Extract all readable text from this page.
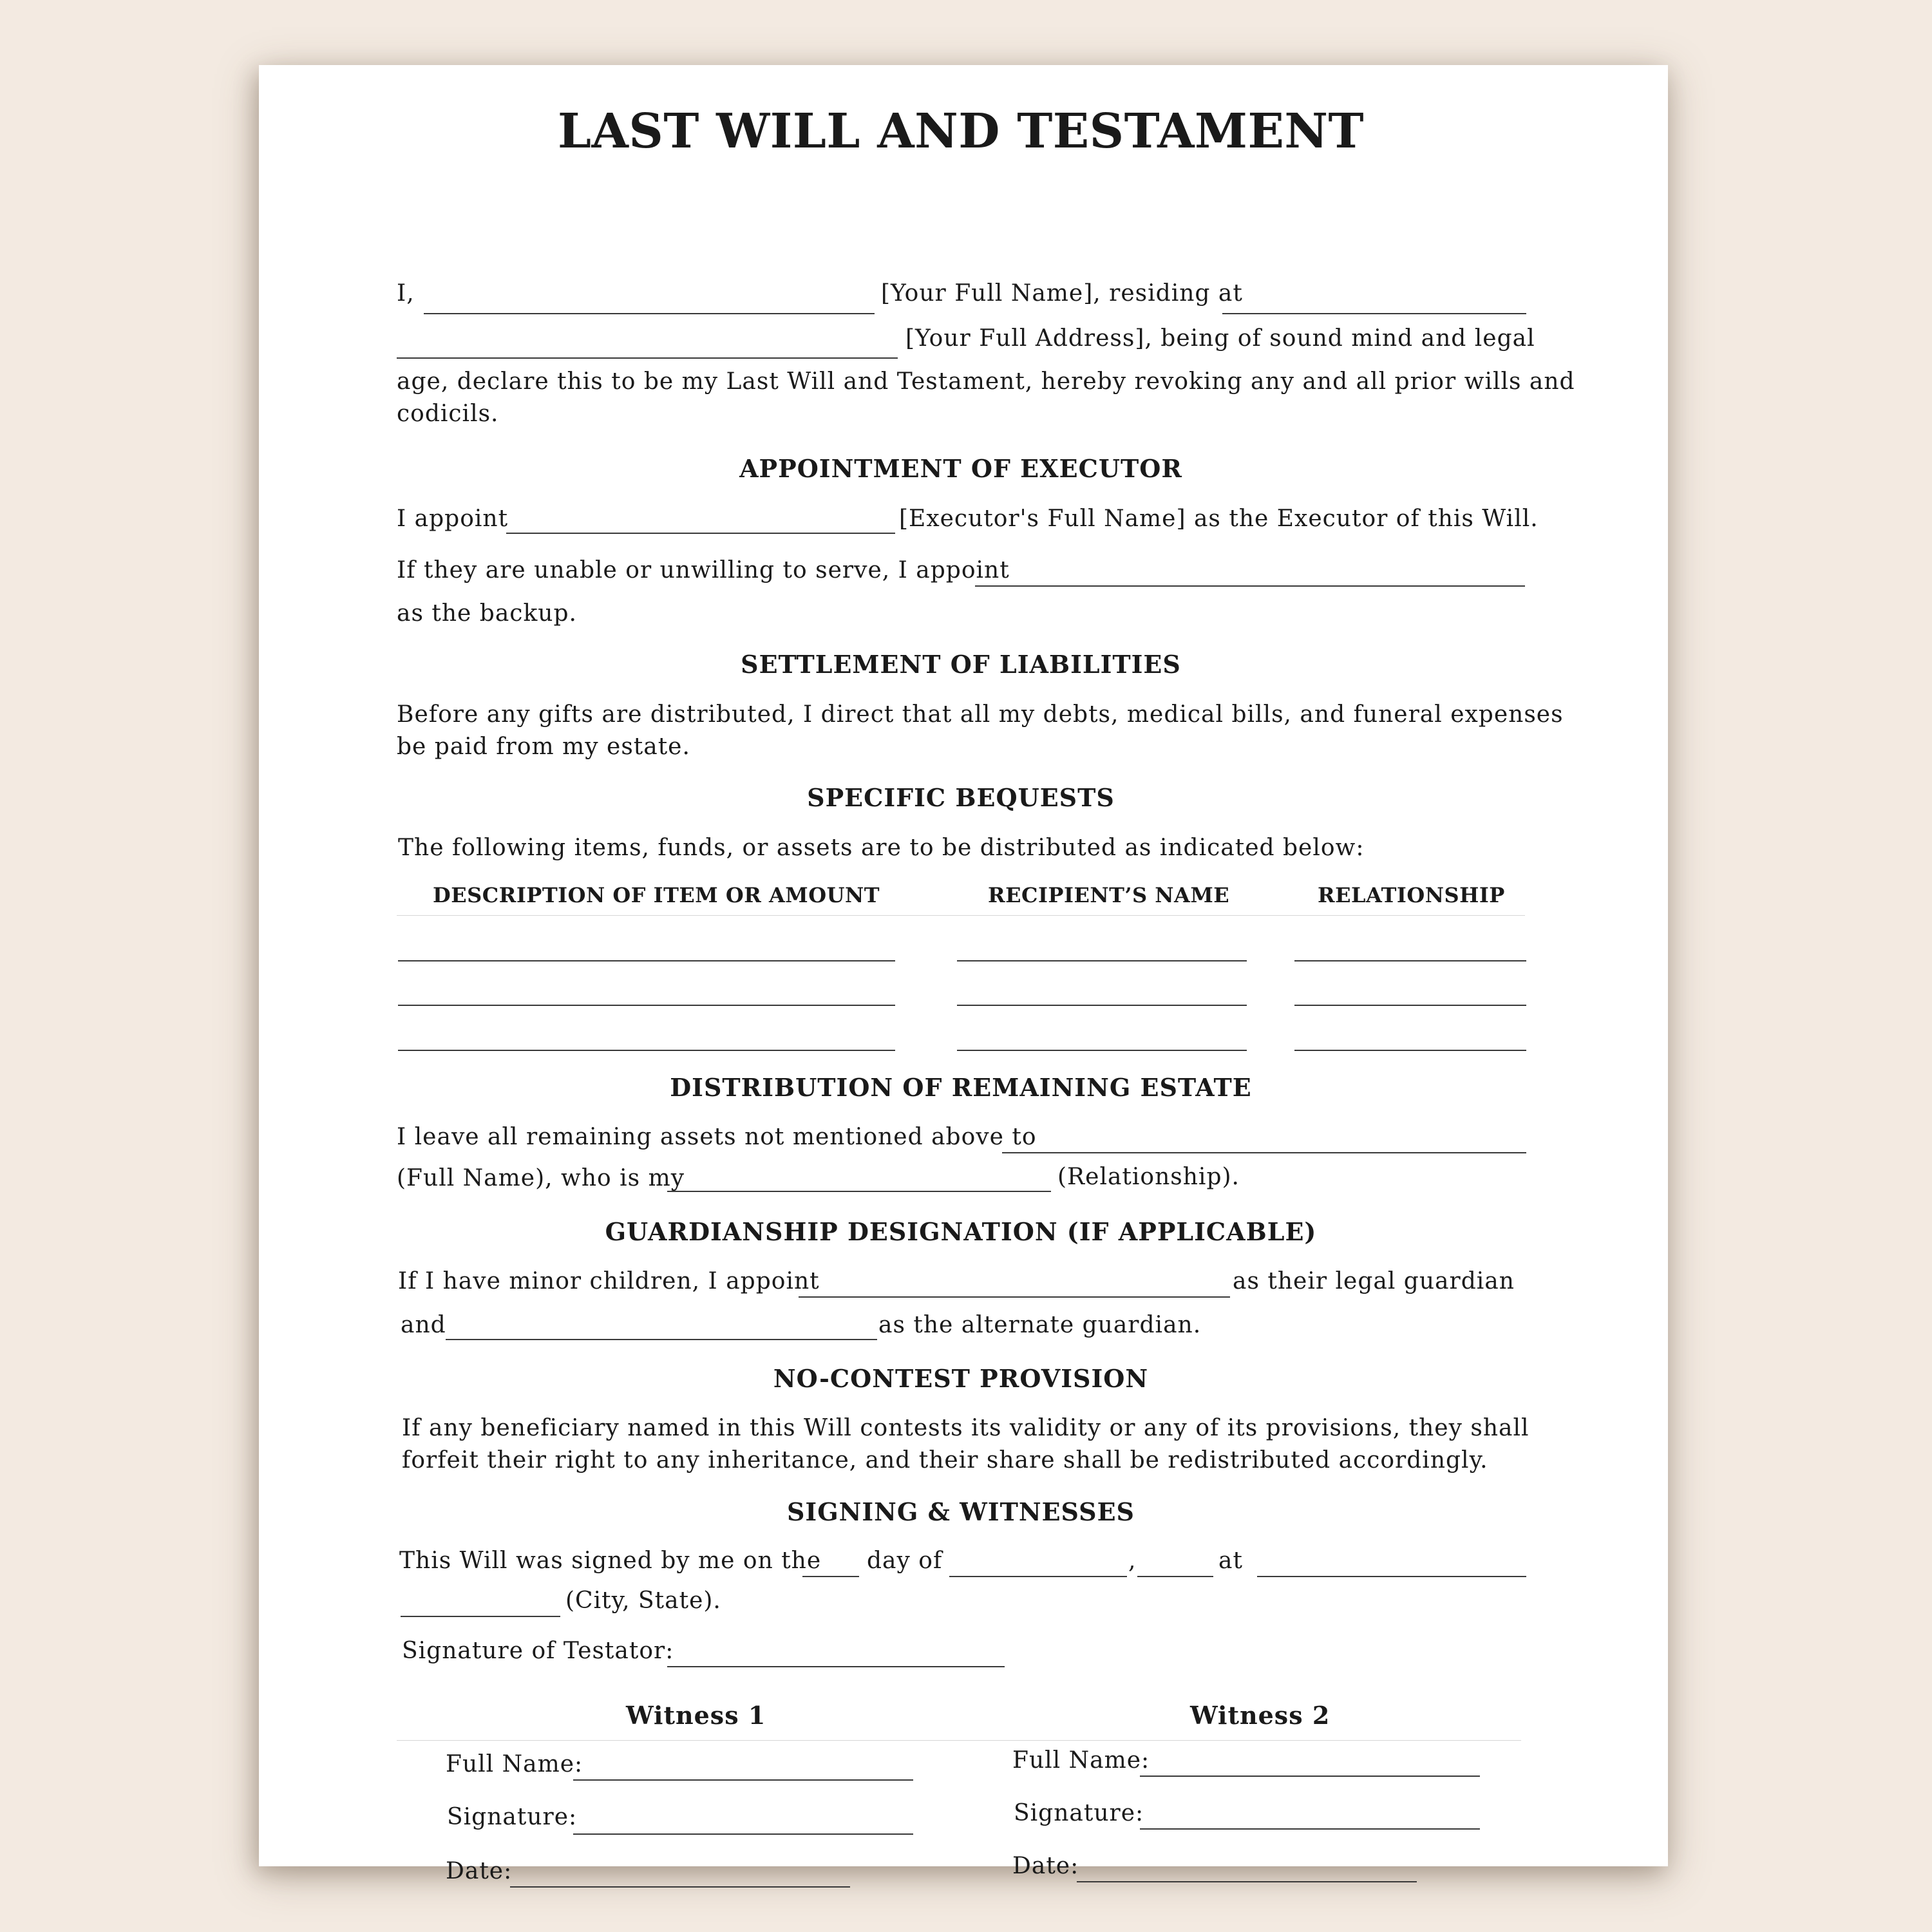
LAST WILL AND TESTAMENT
I,	[Your Full Name], residing at
[Your Full Address], being of sound mind and legal
age, declare this to be my Last Will and Testament, hereby revoking any and all prior wills and
codicils.
APPOINTMENT OF EXECUTOR
I appoint	[Executor's Full Name] as the Executor of this Will.
If they are unable or unwilling to serve, I appoint
as the backup.
SETTLEMENT OF LIABILITIES
Before any gifts are distributed, I direct that all my debts, medical bills, and funeral expenses
be paid from my estate.
SPECIFIC BEQUESTS
The following items, funds, or assets are to be distributed as indicated below:
DESCRIPTION OF ITEM OR AMOUNT	RECIPIENT’S NAME	RELATIONSHIP
DISTRIBUTION OF REMAINING ESTATE
I leave all remaining assets not mentioned above to
(Full Name), who is my	(Relationship).
GUARDIANSHIP DESIGNATION (IF APPLICABLE)
If I have minor children, I appoint	as their legal guardian
and	as the alternate guardian.
NO-CONTEST PROVISION
If any beneficiary named in this Will contests its validity or any of its provisions, they shall
forfeit their right to any inheritance, and their share shall be redistributed accordingly.
SIGNING & WITNESSES
This Will was signed by me on the day of	,	at
(City, State).
Signature of Testator:
Witness 1	Witness 2
Full Name:
Signature:
Date:
Full Name:
Signature:
Date:
